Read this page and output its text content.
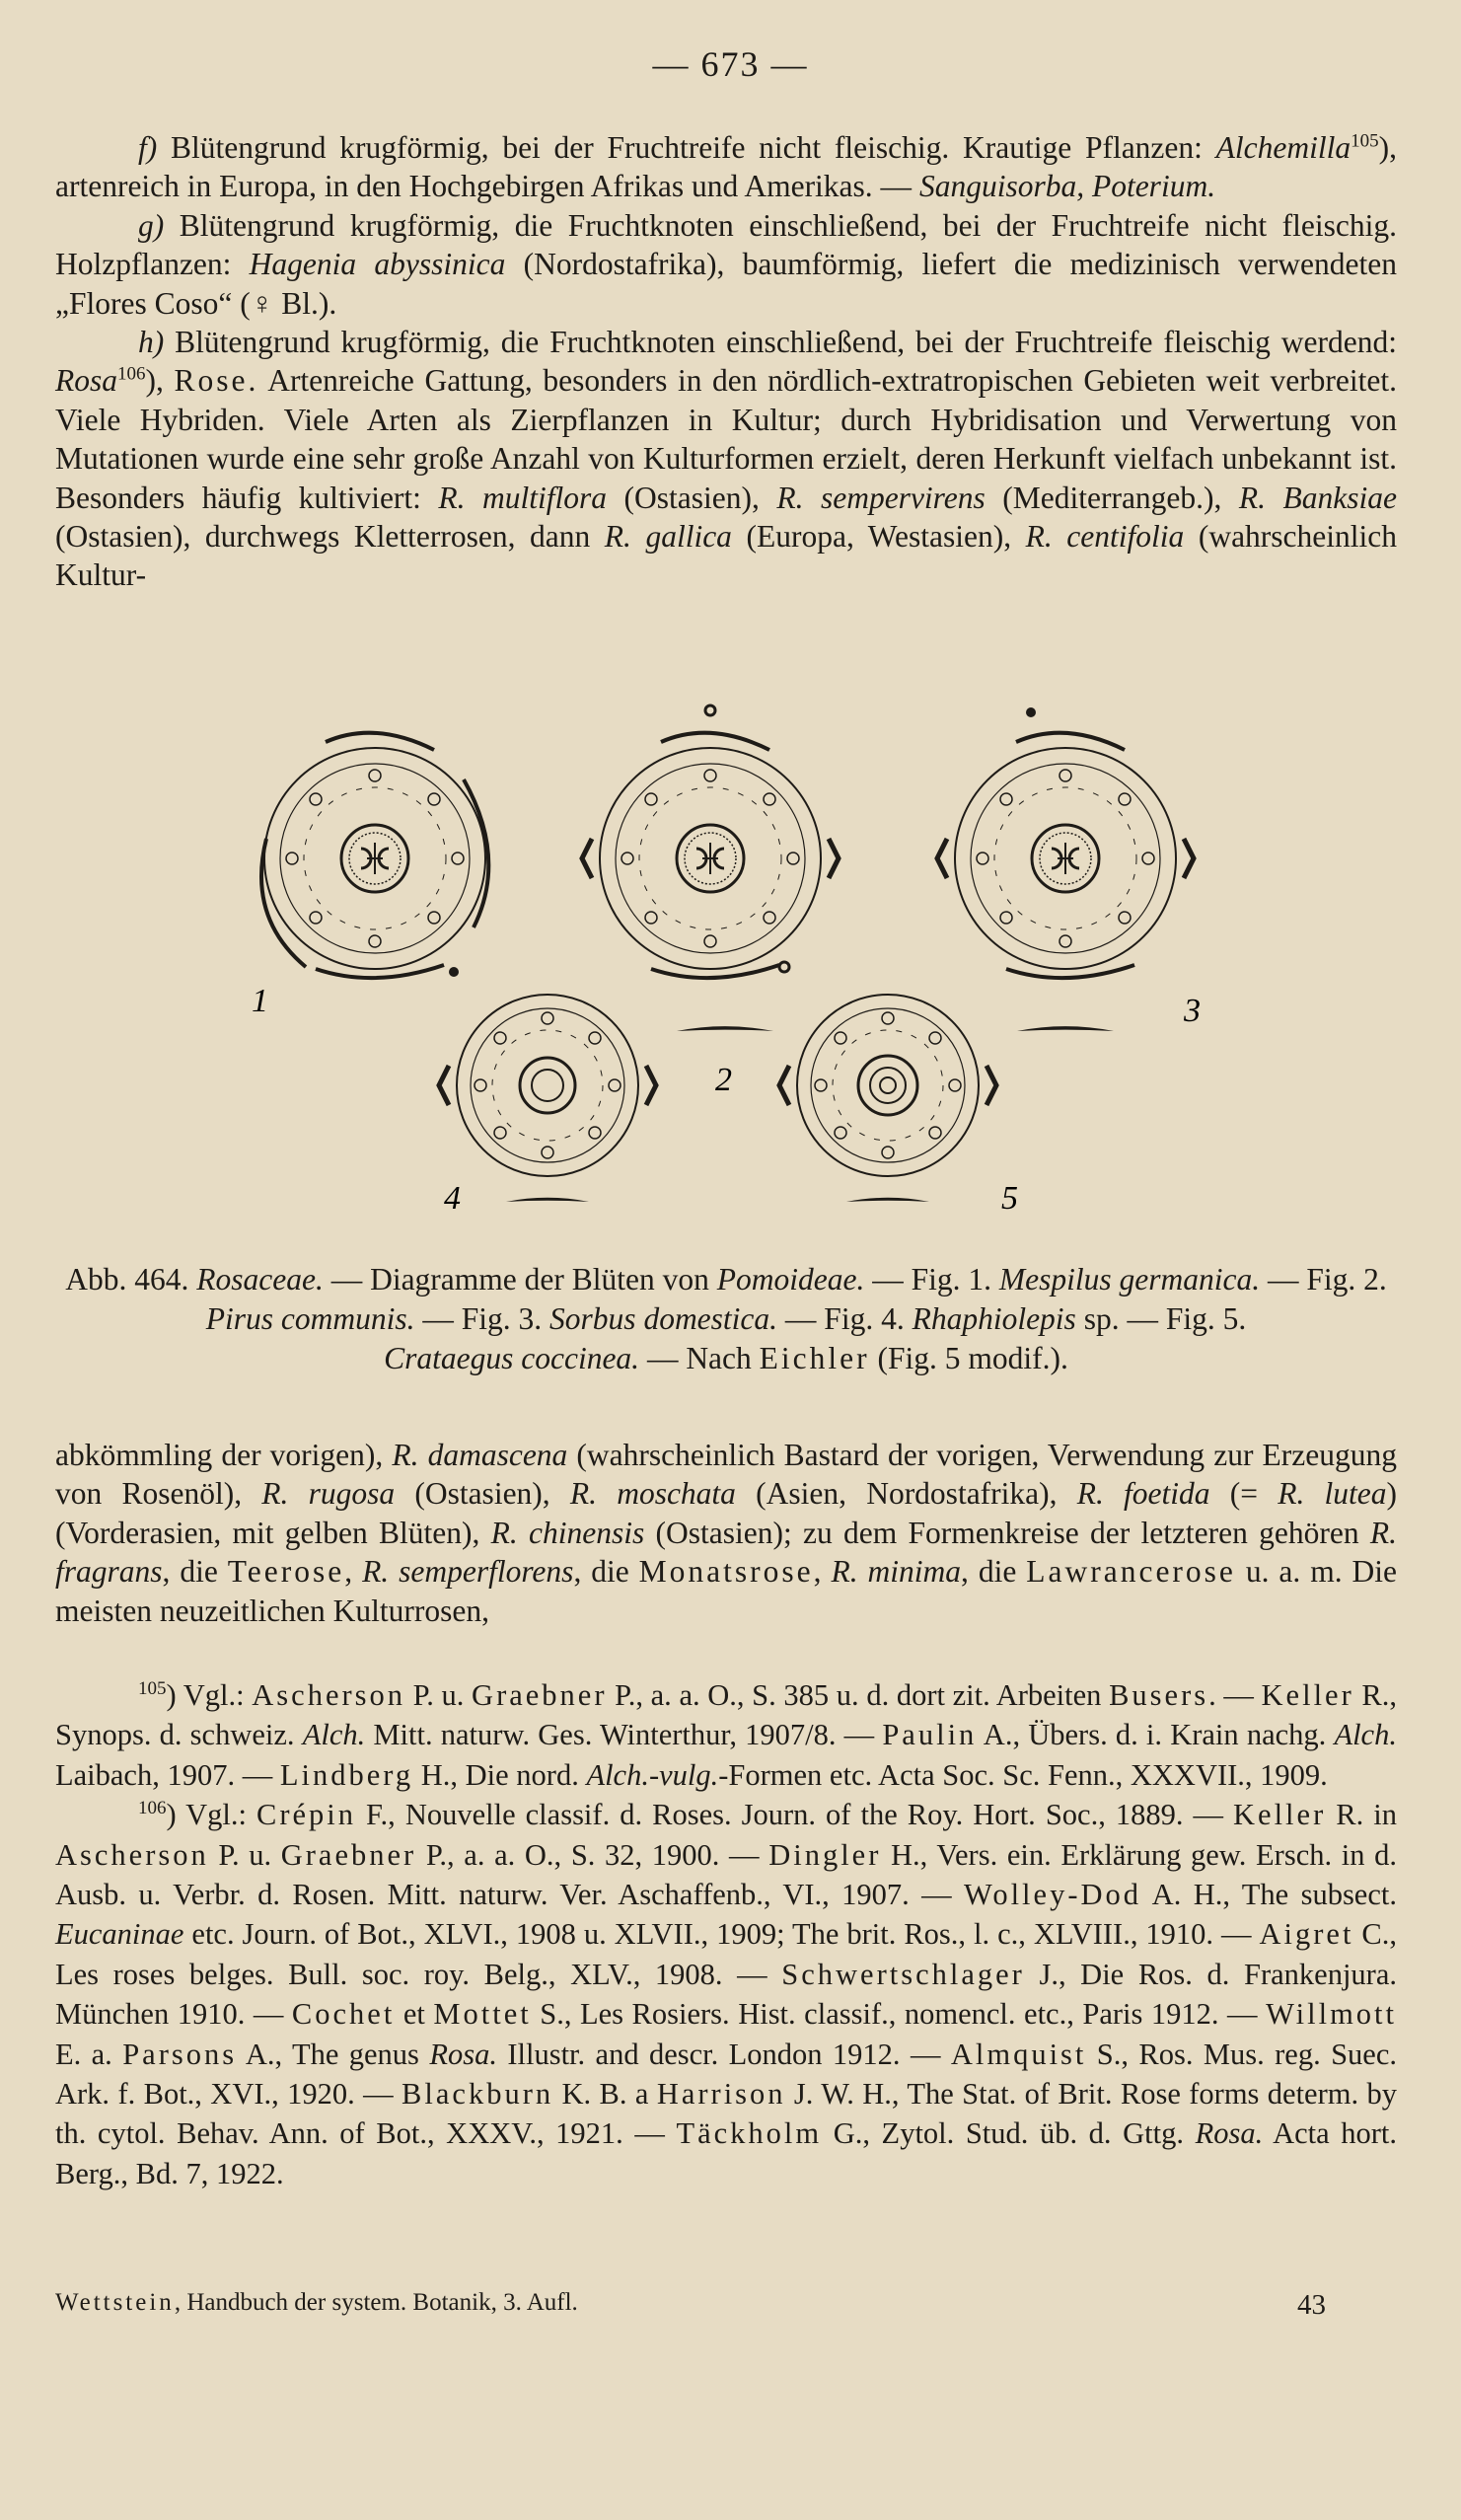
— 673 —

f) Blütengrund krugförmig, bei der Fruchtreife nicht fleischig. Krautige Pflanzen: Alchemilla$^{105}$), artenreich in Europa, in den Hochgebirgen Afrikas und Amerikas. — Sanguisorba, Poterium.

g) Blütengrund krugförmig, die Fruchtknoten einschließend, bei der Fruchtreife nicht fleischig. Holzpflanzen: Hagenia abyssinica (Nordostafrika), baumförmig, liefert die medizinisch verwendeten „Flores Coso“ (♀ Bl.).

h) Blütengrund krugförmig, die Fruchtknoten einschließend, bei der Fruchtreife fleischig werdend: Rosa$^{106}$), Rose. Artenreiche Gattung, besonders in den nördlich-extratropischen Gebieten weit verbreitet. Viele Hybriden. Viele Arten als Zierpflanzen in Kultur; durch Hybridisation und Verwertung von Mutationen wurde eine sehr große Anzahl von Kulturformen erzielt, deren Herkunft vielfach unbekannt ist. Besonders häufig kultiviert: R. multiflora (Ostasien), R. sempervirens (Mediterrangeb.), R. Banksiae (Ostasien), durchwegs Kletterrosen, dann R. gallica (Europa, Westasien), R. centifolia (wahrscheinlich Kultur-

1
2
3
4	5
Abb. 464. Rosaceae. — Diagramme der Blüten von Pomoideae. — Fig. 1. Mespilus germanica. — Fig. 2. Pirus communis. — Fig. 3. Sorbus domestica. — Fig. 4. Rhaphiolepis sp. — Fig. 5.
Crataegus coccinea. — Nach Eichler (Fig. 5 modif.).

abkömmling der vorigen), R. damascena (wahrscheinlich Bastard der vorigen, Verwendung zur Erzeugung von Rosenöl), R. rugosa (Ostasien), R. moschata (Asien, Nordostafrika), R. foetida (= R. lutea) (Vorderasien, mit gelben Blüten), R. chinensis (Ostasien); zu dem Formenkreise der letzteren gehören R. fragrans, die Teerose, R. semperflorens, die Monatsrose, R. minima, die Lawrancerose u. a. m. Die meisten neuzeitlichen Kulturrosen,

$^{105}$) Vgl.: Ascherson P. u. Graebner P., a. a. O., S. 385 u. d. dort zit. Arbeiten Busers. — Keller R., Synops. d. schweiz. Alch. Mitt. naturw. Ges. Winterthur, 1907/8. — Paulin A., Übers. d. i. Krain nachg. Alch. Laibach, 1907. — Lindberg H., Die nord. Alch.-vulg.-Formen etc. Acta Soc. Sc. Fenn., XXXVII., 1909.

$^{106}$) Vgl.: Crépin F., Nouvelle classif. d. Roses. Journ. of the Roy. Hort. Soc., 1889. — Keller R. in Ascherson P. u. Graebner P., a. a. O., S. 32, 1900. — Dingler H., Vers. ein. Erklärung gew. Ersch. in d. Ausb. u. Verbr. d. Rosen. Mitt. naturw. Ver. Aschaffenb., VI., 1907. — Wolley-Dod A. H., The subsect. Eucaninae etc. Journ. of Bot., XLVI., 1908 u. XLVII., 1909; The brit. Ros., l. c., XLVIII., 1910. — Aigret C., Les roses belges. Bull. soc. roy. Belg., XLV., 1908. — Schwertschlager J., Die Ros. d. Frankenjura. München 1910. — Cochet et Mottet S., Les Rosiers. Hist. classif., nomencl. etc., Paris 1912. — Willmott E. a. Parsons A., The genus Rosa. Illustr. and descr. London 1912. — Almquist S., Ros. Mus. reg. Suec. Ark. f. Bot., XVI., 1920. — Blackburn K. B. a Harrison J. W. H., The Stat. of Brit. Rose forms determ. by th. cytol. Behav. Ann. of Bot., XXXV., 1921. — Täckholm G., Zytol. Stud. üb. d. Gttg. Rosa. Acta hort. Berg., Bd. 7, 1922.

Wettstein, Handbuch der system. Botanik, 3. Aufl.	43
